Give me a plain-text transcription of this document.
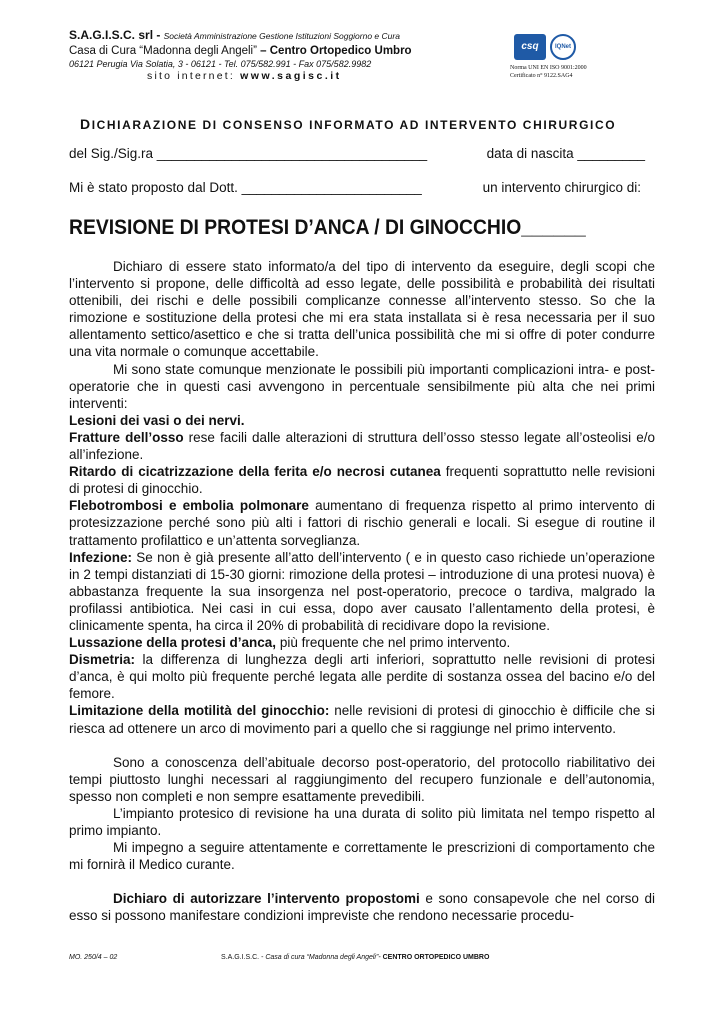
S.A.G.I.S.C. srl - Società Amministrazione Gestione Istituzioni Soggiorno e Cura
Casa di Cura “Madonna degli Angeli” – Centro Ortopedico Umbro
06121 Perugia Via Solatia, 3 - 06121 - Tel. 075/582.991 - Fax 075/582.9982
sito internet: www.sagisc.it
csq	IQNet
Norma UNI EN ISO 9001:2000
Certificato n° 9122.SAG4
DICHIARAZIONE DI CONSENSO INFORMATO AD INTERVENTO CHIRURGICO
del Sig./Sig.ra ____________________________________	data di nascita _________
Mi è stato proposto dal Dott. ________________________	un intervento chirurgico di:
REVISIONE DI PROTESI D’ANCA / DI GINOCCHIO______

Dichiaro di essere stato informato/a del tipo di intervento da eseguire, degli scopi che l’intervento si propone, delle difficoltà ad esso legate, delle possibilità e probabilità dei risultati ottenibili, dei rischi e delle possibili complicanze connesse all’intervento stesso. So che la rimozione e sostituzione della protesi che mi era stata installata si è resa necessaria per il suo allentamento settico/asettico e che si tratta dell’unica possibilità che mi si offre di poter condurre una vita normale o comunque accettabile.

Mi sono state comunque menzionate le possibili più importanti complicazioni intra- e post- operatorie che in questi casi avvengono in percentuale sensibilmente più alta che nei primi interventi:

Lesioni dei vasi o dei nervi.

Fratture dell’osso rese facili dalle alterazioni di struttura dell’osso stesso legate all’osteolisi e/o all’infezione.

Ritardo di cicatrizzazione della ferita e/o necrosi cutanea frequenti soprattutto nelle revisioni di protesi di ginocchio.

Flebotrombosi e embolia polmonare aumentano di frequenza rispetto al primo intervento di protesizzazione perché sono più alti i fattori di rischio generali e locali. Si esegue di routine il trattamento profilattico e un’attenta sorveglianza.

Infezione: Se non è già presente all’atto dell’intervento ( e in questo caso richiede un’operazione in 2 tempi distanziati di 15-30 giorni: rimozione della protesi – introduzione di una protesi nuova) è abbastanza frequente la sua insorgenza nel post-operatorio, precoce o tardiva, malgrado la profilassi antibiotica. Nei casi in cui essa, dopo aver causato l’allentamento della protesi, è clinicamente spenta, ha circa il 20% di probabilità di recidivare dopo la revisione.

Lussazione della protesi d’anca, più frequente che nel primo intervento.

Dismetria: la differenza di lunghezza degli arti inferiori, soprattutto nelle revisioni di protesi d’anca, è qui molto più frequente perché legata alle perdite di sostanza ossea del bacino e/o del femore.

Limitazione della motilità del ginocchio: nelle revisioni di protesi di ginocchio è difficile che si riesca ad ottenere un arco di movimento pari a quello che si raggiunge nel primo intervento.

Sono a conoscenza dell’abituale decorso post-operatorio, del protocollo riabilitativo dei tempi piuttosto lunghi necessari al raggiungimento del recupero funzionale e dell’autonomia, spesso non completi e non sempre esattamente prevedibili.

L’impianto protesico di revisione ha una durata di solito più limitata nel tempo rispetto al primo impianto.

Mi impegno a seguire attentamente e correttamente le prescrizioni di comportamento che mi fornirà il Medico curante.

Dichiaro di autorizzare l’intervento propostomi e sono consapevole che nel corso di esso si possono manifestare condizioni impreviste che rendono necessarie procedu-

MO. 250/4 – 02	S.A.G.I.S.C. - Casa di cura “Madonna degli Angeli”- CENTRO ORTOPEDICO UMBRO
